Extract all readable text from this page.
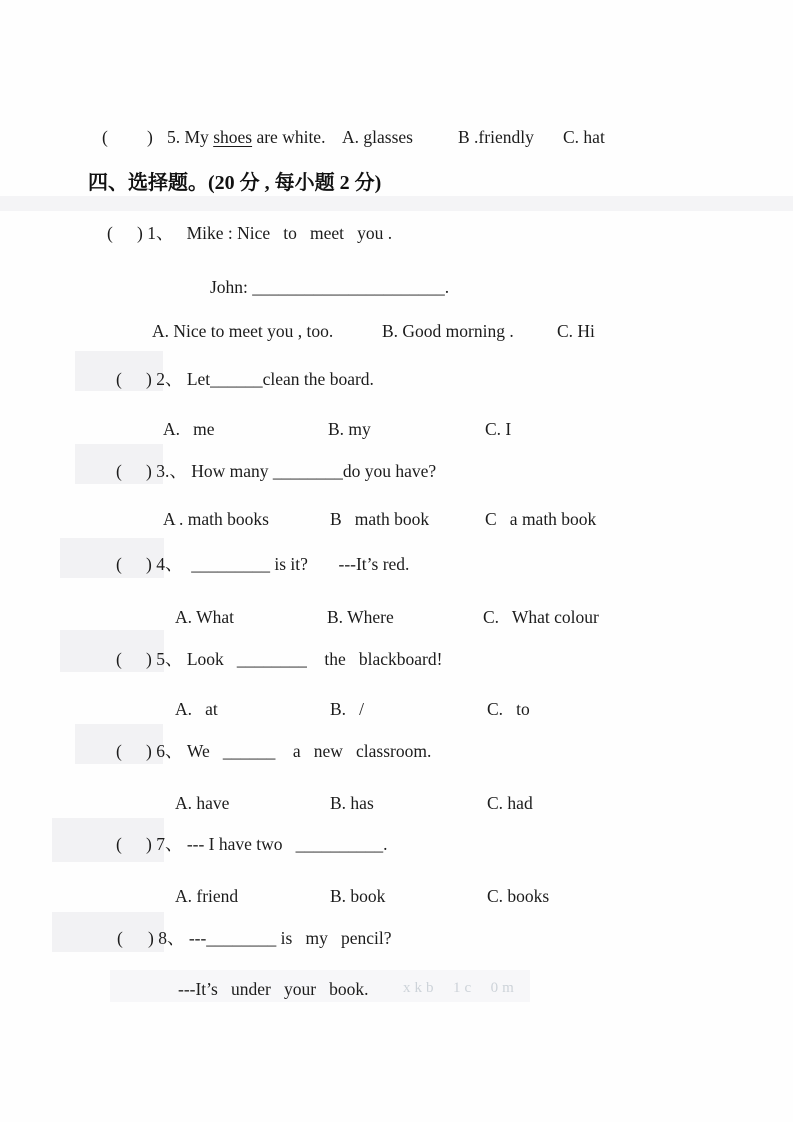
( ) 5. My shoes are white. A. glasses	B .friendly C. hat
四、选择题。(20 分 , 每小题 2 分)
( ) 1、   Mike : Nice   to   meet   you .
John: ______________________.
A. Nice to meet you , too.	B. Good morning . C. Hi
( ) 2、 Let______clean the board.
A.   me	B. my	C. I
( ) 3.、 How many ________do you have?
A . math books	B   math book	C   a math book
( ) 4、  _________ is it?       ---It’s red.
A. What	B. Where	C.   What colour
( ) 5、 Look   ________    the   blackboard!
A.   at	B.   /	C.   to
( ) 6、 We   ______    a   new   classroom.
A. have	B. has	C. had
( ) 7、 --- I have two   __________.
A. friend	B. book	C. books
( ) 8、 ---________ is   my   pencil?
---It’s   under   your   book. xkb  1c  0m
